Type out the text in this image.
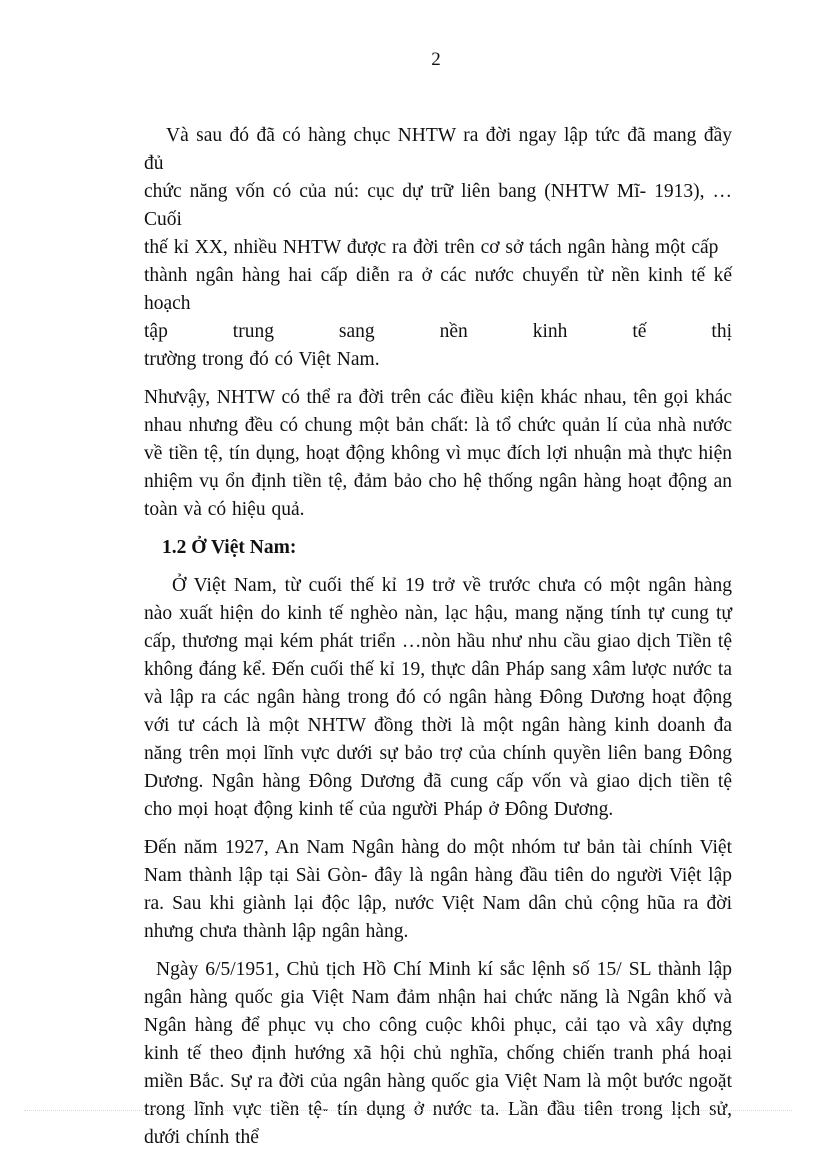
2

Và sau đó đã có hàng chục NHTW ra đời ngay lập tức đã mang đầy đủ
chức năng vốn có của nú: cục dự trữ liên bang (NHTW Mĩ- 1913), …Cuối
thế kỉ XX, nhiều NHTW được ra đời trên cơ sở tách ngân hàng một cấp
thành ngân hàng hai cấp diễn ra ở các nước chuyển từ nền kinh tế kế hoạch
tập trung sang nền kinh tế thị
trường trong đó có Việt Nam.

Nhưvậy, NHTW có thể ra đời trên các điều kiện khác nhau, tên gọi khác nhau nhưng đều có chung một bản chất: là tổ chức quản lí của nhà nước về tiền tệ, tín dụng, hoạt động không vì mục đích lợi nhuận mà thực hiện nhiệm vụ ổn định tiền tệ, đảm bảo cho hệ thống ngân hàng hoạt động an toàn và có hiệu quả.

1.2 Ở Việt Nam:

Ở Việt Nam, từ cuối thế kỉ 19 trở về trước chưa có một ngân hàng nào xuất hiện do kinh tế nghèo nàn, lạc hậu, mang nặng tính tự cung tự cấp, thương mại kém phát triển …nòn hầu như nhu cầu giao dịch Tiền tệ không đáng kể. Đến cuối thế kỉ 19, thực dân Pháp sang xâm lược nước ta và lập ra các ngân hàng trong đó có ngân hàng Đông Dương hoạt động với tư cách là một NHTW đồng thời là một ngân hàng kinh doanh đa năng trên mọi lĩnh vực dưới sự bảo trợ của chính quyền liên bang Đông Dương. Ngân hàng Đông Dương đã cung cấp vốn và giao dịch tiền tệ cho mọi hoạt động kinh tế của người Pháp ở Đông Dương.

Đến năm 1927, An Nam Ngân hàng do một nhóm tư bản tài chính Việt Nam thành lập tại Sài Gòn- đây là ngân hàng đầu tiên do người Việt lập ra. Sau khi giành lại độc lập, nước Việt Nam dân chủ cộng hũa ra đời nhưng chưa thành lập ngân hàng.

Ngày 6/5/1951, Chủ tịch Hồ Chí Minh kí sắc lệnh số 15/ SL thành lập ngân hàng quốc gia Việt Nam đảm nhận hai chức năng là Ngân khố và Ngân hàng để phục vụ cho công cuộc khôi phục, cải tạo và xây dựng kinh tế theo định hướng xã hội chủ nghĩa, chống chiến tranh phá hoại miền Bắc. Sự ra đời của ngân hàng quốc gia Việt Nam là một bước ngoặt trong lĩnh vực tiền tệ- tín dụng ở nước ta. Lần đầu tiên trong lịch sử, dưới chính thể
